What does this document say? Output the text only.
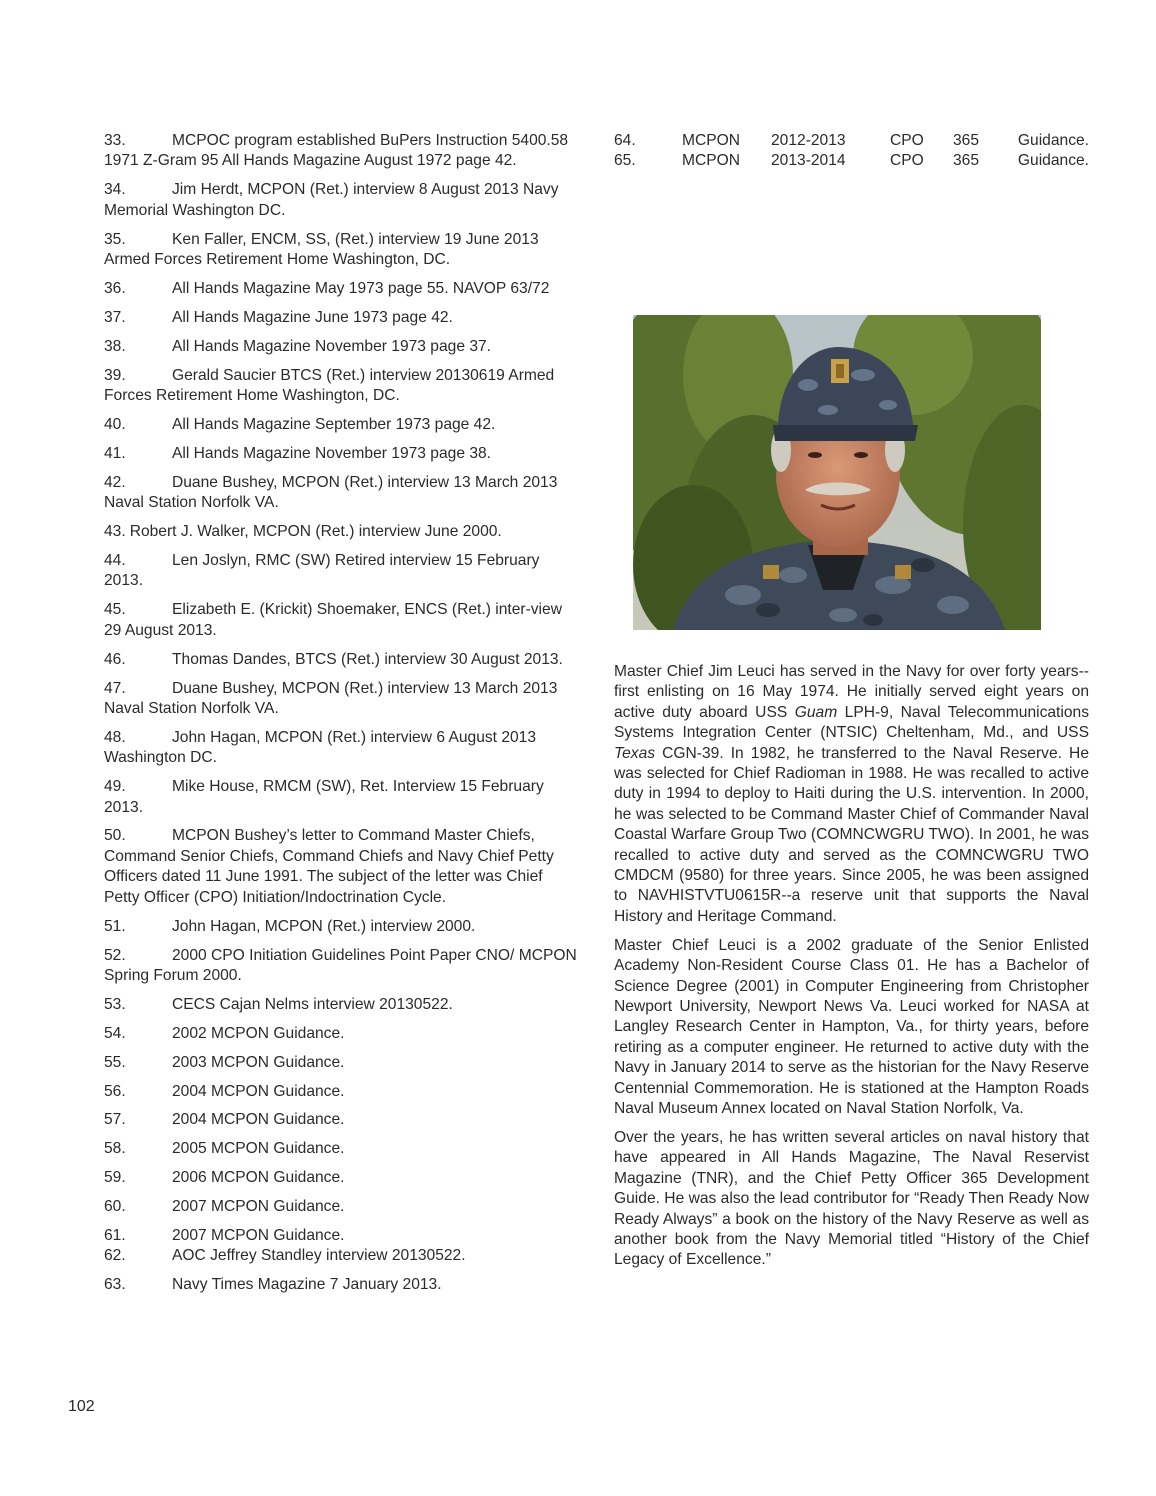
33.	MCPOC program established BuPers Instruction 5400.58 1971 Z-Gram 95 All Hands Magazine August 1972 page 42.
34.	Jim Herdt, MCPON (Ret.) interview 8 August 2013 Navy Memorial Washington DC.
35.	Ken Faller, ENCM, SS, (Ret.) interview 19 June 2013 Armed Forces Retirement Home Washington, DC.
36.	All Hands Magazine May 1973 page 55. NAVOP 63/72
37.	All Hands Magazine June 1973 page 42.
38.	All Hands Magazine November 1973 page 37.
39.	Gerald Saucier BTCS (Ret.) interview 20130619 Armed Forces Retirement Home Washington, DC.
40.	All Hands Magazine September 1973 page 42.
41.	All Hands Magazine November 1973 page 38.
42.	Duane Bushey, MCPON (Ret.) interview 13 March 2013 Naval Station Norfolk VA.
43. Robert J. Walker, MCPON (Ret.) interview June 2000.
44.	Len Joslyn, RMC (SW) Retired interview 15 February 2013.
45.	Elizabeth E. (Krickit) Shoemaker, ENCS (Ret.) inter-view 29 August 2013.
46.	Thomas Dandes, BTCS (Ret.) interview 30 August 2013.
47.	Duane Bushey, MCPON (Ret.) interview 13 March 2013 Naval Station Norfolk VA.
48.	John Hagan, MCPON (Ret.) interview 6 August 2013 Washington DC.
49.	Mike House, RMCM (SW), Ret. Interview 15 February 2013.
50.	MCPON Bushey’s letter to Command Master Chiefs, Command Senior Chiefs, Command Chiefs and Navy Chief Petty Officers dated 11 June 1991. The subject of the letter was Chief Petty Officer (CPO) Initiation/Indoctrination Cycle.
51.	John Hagan, MCPON (Ret.) interview 2000.
52.	2000 CPO Initiation Guidelines Point Paper CNO/ MCPON Spring Forum 2000.
53.	CECS Cajan Nelms interview 20130522.
54.	2002 MCPON Guidance.
55.	2003 MCPON Guidance.
56.	2004 MCPON Guidance.
57.	2004 MCPON Guidance.
58.	2005 MCPON Guidance.
59.	2006 MCPON Guidance.
60.	2007 MCPON Guidance.
61.	2007 MCPON Guidance.
62.	AOC Jeffrey Standley interview 20130522.
63.	Navy Times Magazine 7 January 2013.
64.	MCPON	2012-2013	CPO	365	Guidance.
65.	MCPON	2013-2014	CPO	365	Guidance.

Master Chief Jim Leuci has served in the Navy for over forty years--first enlisting on 16 May 1974. He initially served eight years on active duty aboard USS Guam LPH-9, Naval Telecommunications Systems Integration Center (NTSIC) Cheltenham, Md., and USS Texas CGN-39. In 1982, he transferred to the Naval Reserve. He was selected for Chief Radioman in 1988. He was recalled to active duty in 1994 to deploy to Haiti during the U.S. intervention. In 2000, he was selected to be Command Master Chief of Commander Naval Coastal Warfare Group Two (COMNCWGRU TWO). In 2001, he was recalled to active duty and served as the COMNCWGRU TWO CMDCM (9580) for three years. Since 2005, he was been assigned to NAVHISTVTU0615R--a reserve unit that supports the Naval History and Heritage Command.

Master Chief Leuci is a 2002 graduate of the Senior Enlisted Academy Non-Resident Course Class 01. He has a Bachelor of Science Degree (2001) in Computer Engineering from Christopher Newport University, Newport News Va. Leuci worked for NASA at Langley Research Center in Hampton, Va., for thirty years, before retiring as a computer engineer. He returned to active duty with the Navy in January 2014 to serve as the historian for the Navy Reserve Centennial Commemoration. He is stationed at the Hampton Roads Naval Museum Annex located on Naval Station Norfolk, Va.

Over the years, he has written several articles on naval history that have appeared in All Hands Magazine, The Naval Reservist Magazine (TNR), and the Chief Petty Officer 365 Development Guide. He was also the lead contributor for “Ready Then Ready Now Ready Always” a book on the history of the Navy Reserve as well as another book from the Navy Memorial titled “History of the Chief Legacy of Excellence.”

102
